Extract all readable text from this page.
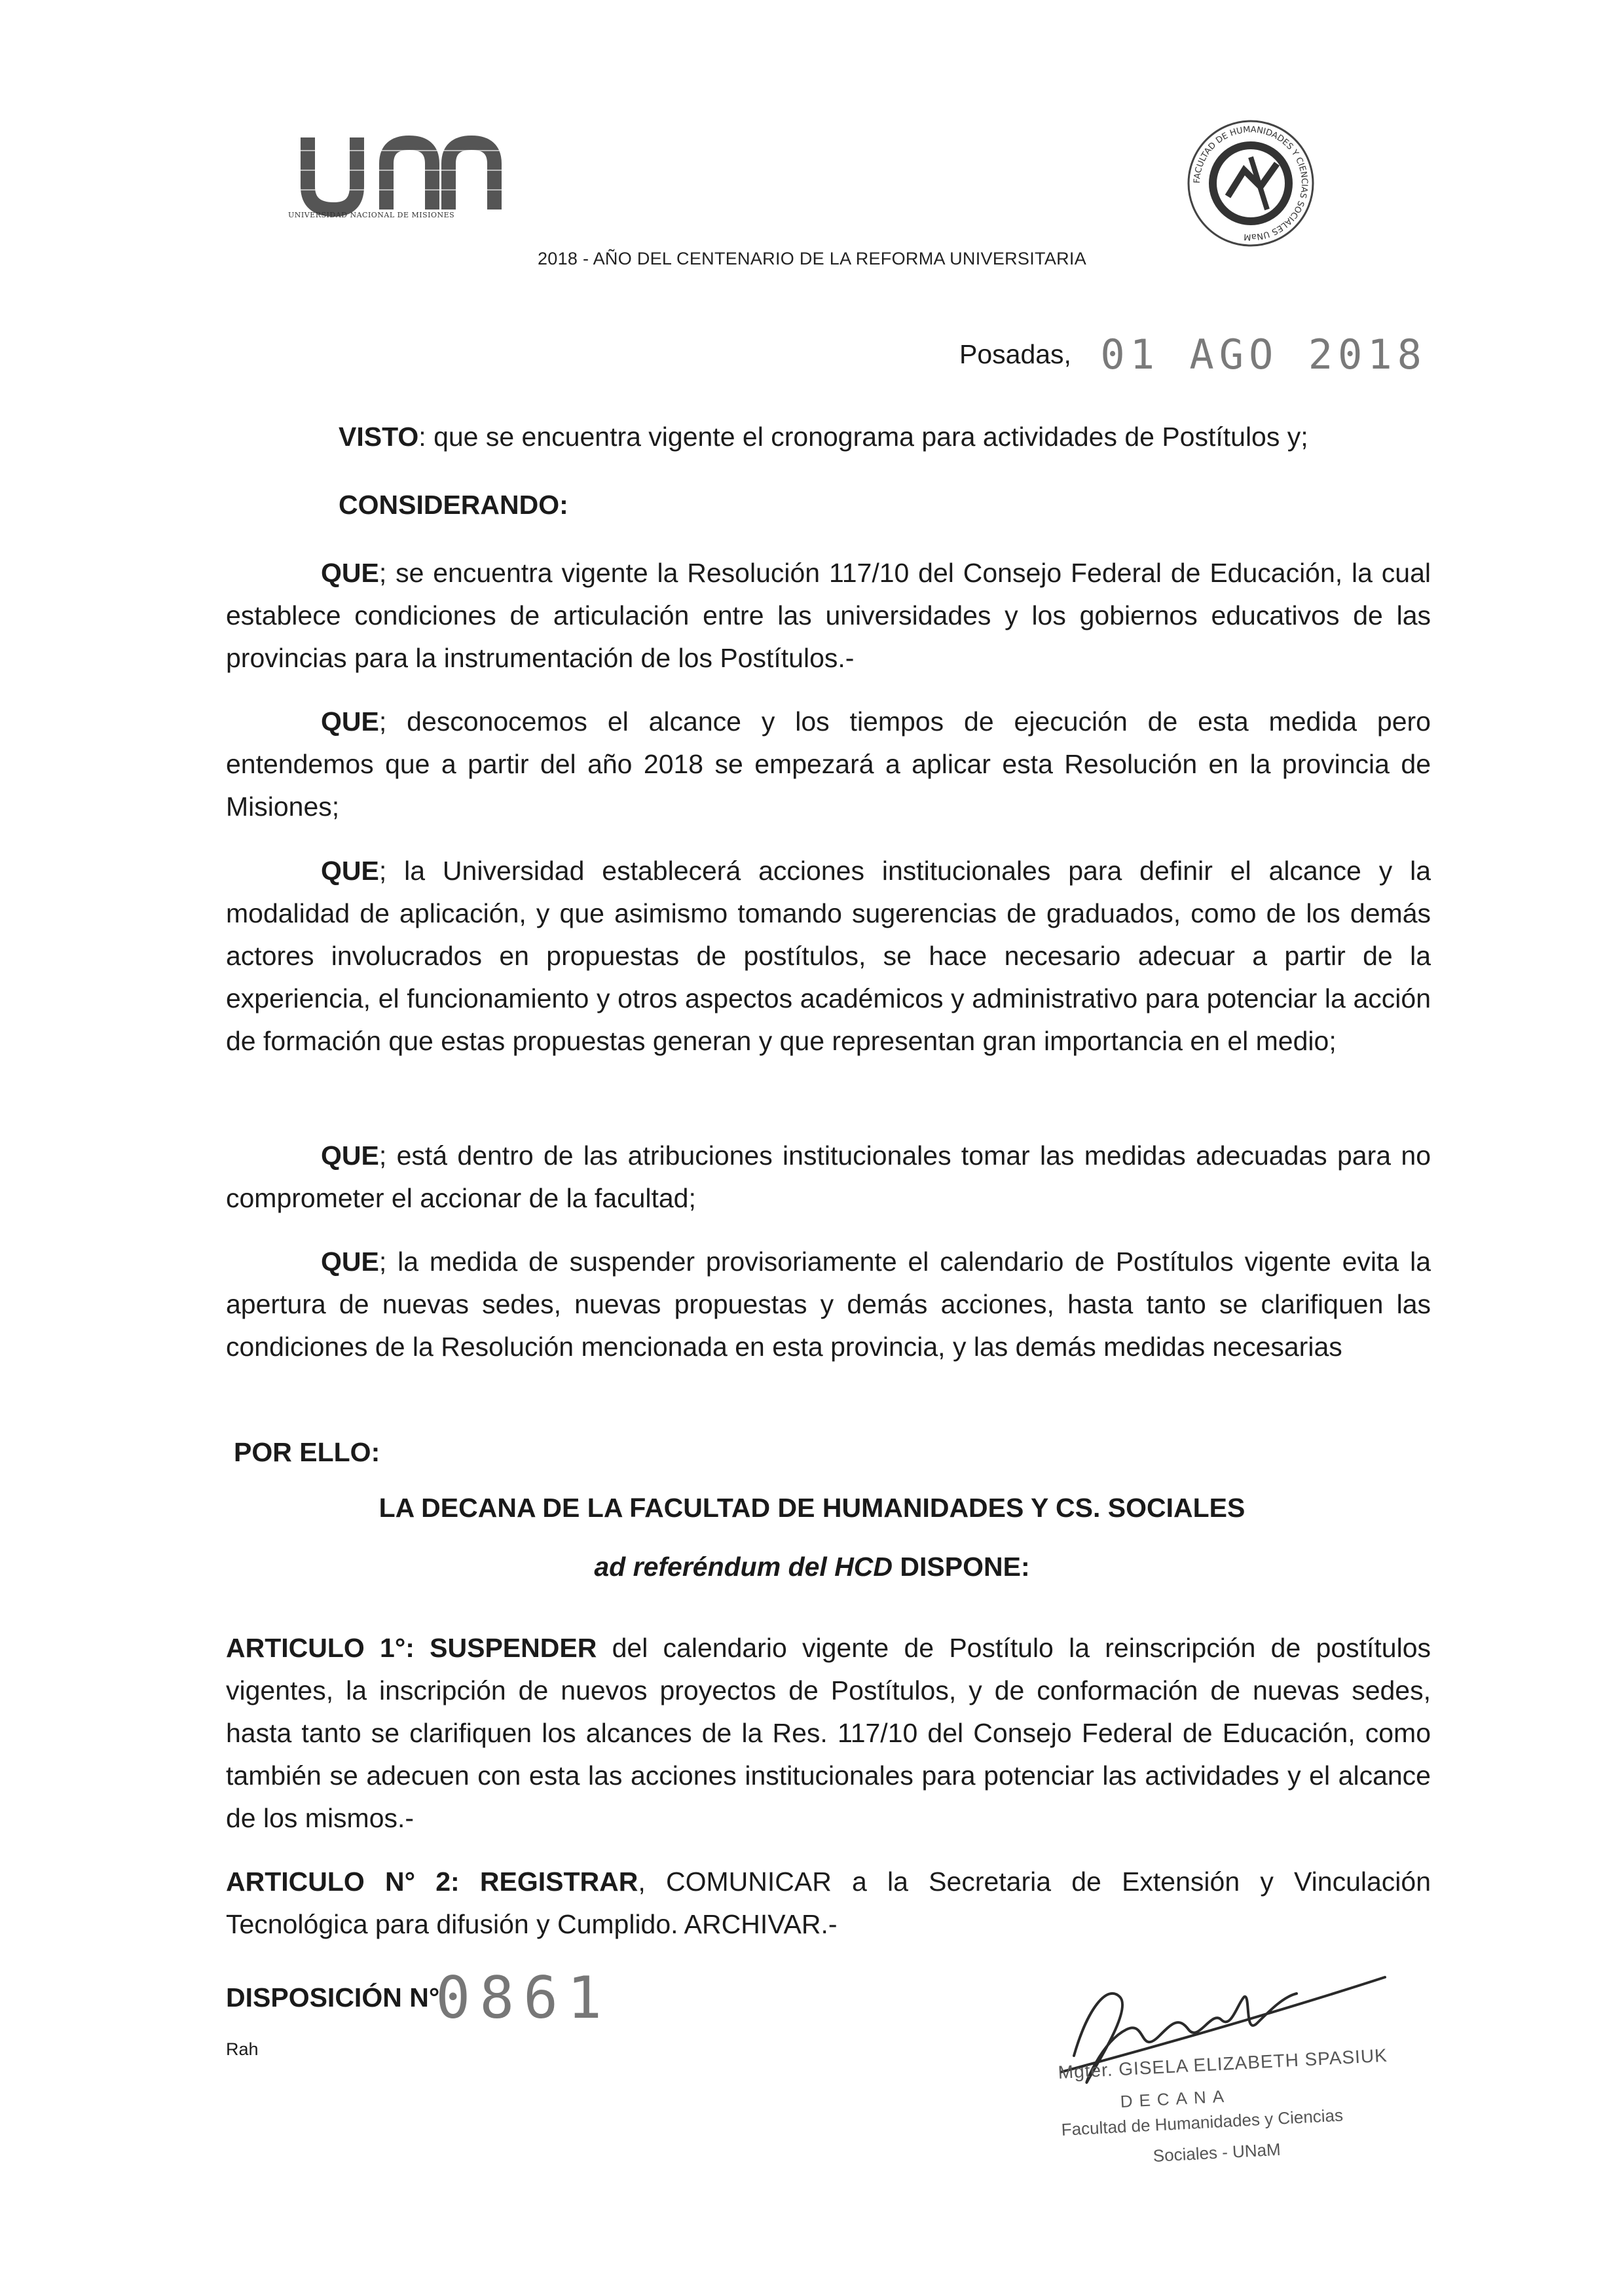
UNIVERSIDAD NACIONAL DE MISIONES
FACULTAD DE HUMANIDADES Y CIENCIAS SOCIALES UNaM
2018 - AÑO DEL CENTENARIO DE LA REFORMA UNIVERSITARIA
Posadas, 01 AGO 2018
VISTO: que se encuentra vigente el cronograma para actividades de Postítulos y;
CONSIDERANDO:
QUE; se encuentra vigente la Resolución 117/10 del Consejo Federal de Educación, la cual establece condiciones de articulación entre las universidades y los gobiernos educativos de las provincias para la instrumentación de los Postítulos.-
QUE; desconocemos el alcance y los tiempos de ejecución de esta medida pero entendemos que a partir del año 2018 se empezará a aplicar esta Resolución en la provincia de Misiones;
QUE; la Universidad establecerá acciones institucionales para definir el alcance y la modalidad de aplicación, y que asimismo tomando sugerencias de graduados, como de los demás actores involucrados en propuestas de postítulos, se hace necesario adecuar a partir de la experiencia, el funcionamiento y otros aspectos académicos y administrativo para potenciar la acción de formación que estas propuestas generan y que representan gran importancia en el medio;
QUE; está dentro de las atribuciones institucionales tomar las medidas adecuadas para no comprometer el accionar de la facultad;
QUE; la medida de suspender provisoriamente el calendario de Postítulos vigente evita la apertura de nuevas sedes, nuevas propuestas y demás acciones, hasta tanto se clarifiquen las condiciones de la Resolución mencionada en esta provincia, y las demás medidas necesarias
POR ELLO:
LA DECANA DE LA FACULTAD DE HUMANIDADES Y CS. SOCIALES
ad referéndum del HCD DISPONE:
ARTICULO 1°: SUSPENDER del calendario vigente de Postítulo la reinscripción de postítulos vigentes, la inscripción de nuevos proyectos de Postítulos, y de conformación de nuevas sedes, hasta tanto se clarifiquen los alcances de la Res. 117/10 del Consejo Federal de Educación, como también se adecuen con esta las acciones institucionales para potenciar las actividades y el alcance de los mismos.-
ARTICULO N° 2: REGISTRAR, COMUNICAR a la Secretaria de Extensión y Vinculación Tecnológica para difusión y Cumplido. ARCHIVAR.-
DISPOSICIÓN N°0861
Rah	Mgter. GISELA ELIZABETH SPASIUK
DECANA
Facultad de Humanidades y Ciencias
Sociales - UNaM
